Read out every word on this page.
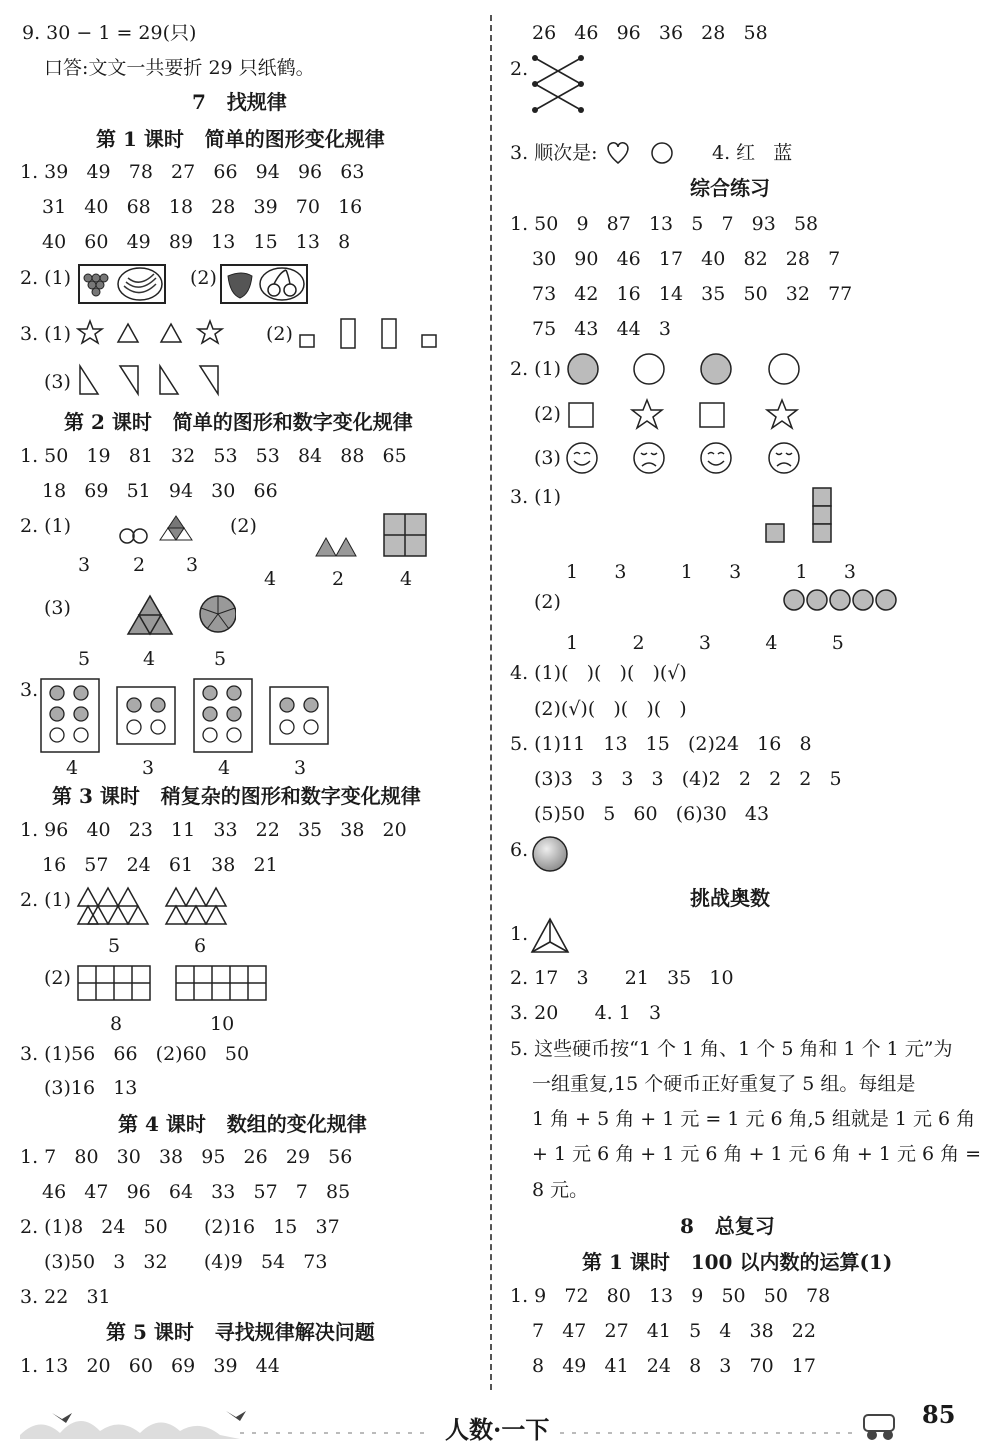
9. 30 − 1 = 29(只)
口答:文文一共要折 29 只纸鹤。
7   找规律
第 1 课时   简单的图形变化规律
1. 39   49   78   27   66   94   96   63
31   40   68   18   28   39   70   16
40   60   49   89   13   15   13   8
2. (1)	(2)
3. (1)	(2)
(3)
第 2 课时   简单的图形和数字变化规律
1. 50   19   81   32   53   53   84   88   65
18   69   51   94   30   66
2. (1)	(2)
3 2 3
4	2	4
(3)
5	4	5
3.
4	3	4	3
第 3 课时   稍复杂的图形和数字变化规律
1. 96   40   23   11   33   22   35   38   20
16   57   24   61   38   21
2. (1)
5	6
(2)
8	10
3. (1)56   66   (2)60   50
(3)16   13
第 4 课时   数组的变化规律
1. 7   80   30   38   95   26   29   56
46   47   96   64   33   57   7   85
2. (1)8   24   50      (2)16   15   37
(3)50   3   32      (4)9   54   73
3. 22   31
第 5 课时   寻找规律解决问题
1. 13   20   60   69   39   44
26   46   96   36   28   58
2.
3. 顺次是:	4. 红   蓝
综合练习
1. 50   9   87   13   5   7   93   58
30   90   46   17   40   82   28   7
73   42   16   14   35   50   32   77
75   43   44   3
2. (1)
(2)
(3)
3. (1)
1      3         1      3         1      3
(2)
1         2         3         4         5
4. (1)(   )(   )(   )(√)
(2)(√)(   )(   )(   )
5. (1)11   13   15   (2)24   16   8
(3)3   3   3   3   (4)2   2   2   2   5
(5)50   5   60   (6)30   43
6.
挑战奥数
1.
2. 17   3      21   35   10
3. 20      4. 1   3
5. 这些硬币按“1 个 1 角、1 个 5 角和 1 个 1 元”为
一组重复,15 个硬币正好重复了 5 组。每组是
1 角 + 5 角 + 1 元 = 1 元 6 角,5 组就是 1 元 6 角
+ 1 元 6 角 + 1 元 6 角 + 1 元 6 角 + 1 元 6 角 =
8 元。
8   总复习
第 1 课时   100 以内数的运算(1)
1. 9   72   80   13   9   50   50   78
7   47   27   41   5   4   38   22
8   49   41   24   8   3   70   17
人数·一下
85
